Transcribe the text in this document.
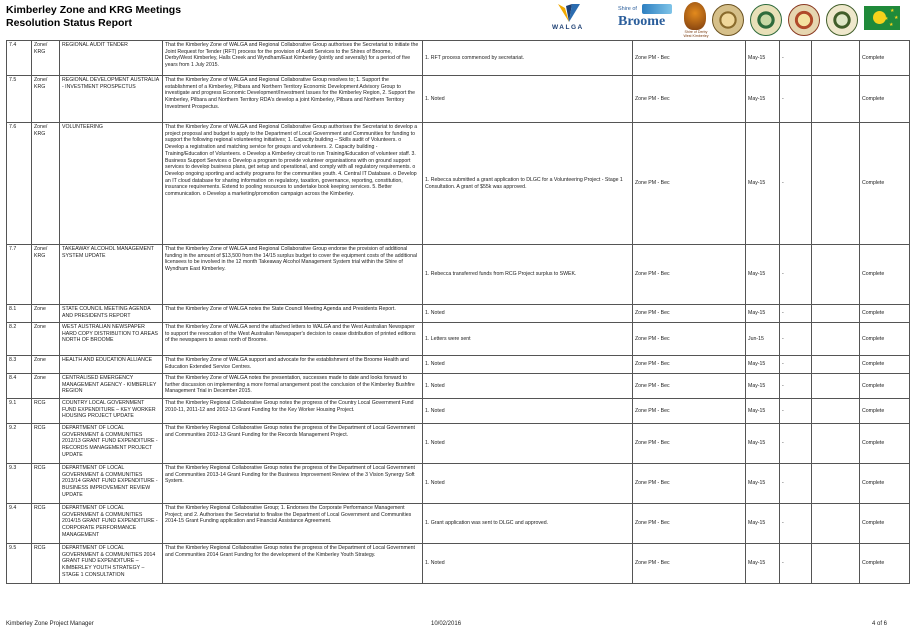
Kimberley Zone and KRG Meetings
Resolution Status Report	WALGA
Shire of
Broome
Shire of Derby West Kimberley
★
★
★
★
7.4	Zone/ KRG	REGIONAL AUDIT TENDER	That the Kimberley Zone of WALGA and Regional Collaborative Group authorises the Secretariat to initiate the Joint Request for Tender (RFT) process for the provision of Audit Services to the Shires of Broome, Derby/West Kimberley, Halls Creek and Wyndham/East Kimberley (jointly and severally) for a period of five years from 1 July 2015.	1. RFT process commenced by secretariat.	Zone PM - Bec	May-15	-		Complete
7.5	Zone/ KRG	REGIONAL DEVELOPMENT AUSTRALIA - INVESTMENT PROSPECTUS	That the Kimberley Zone of WALGA and Regional Collaborative Group resolves to; 1. Support the establishment of a Kimberley, Pilbara and Northern Territory Economic Development Advisory Group to investigate and progress Economic Development/Investment Issues for the Kimberley Region, 2. Support the Kimberley, Pilbara and Northern Territory RDA's develop a joint Kimberley, Pilbara and Northern Territory Investment Prospectus.	1. Noted	Zone PM - Bec	May-15	-		Complete
7.6	Zone/ KRG	VOLUNTEERING	That the Kimberley Zone of WALGA and Regional Collaborative Group authorises the Secretariat to develop a project proposal and budget to apply to the Department of Local Government and Communities for funding to support the following regional volunteering initiatives; 1. Capacity building – Skills audit of Volunteers. o Develop a registration and matching service for groups and volunteers. 2. Capacity building - Training/Education of Volunteers. o Develop a Kimberley circuit to run Training/Education of volunteer staff. 3. Business Support Services o Develop a program to provide volunteer organisations with on ground support services to develop business plans, get setup and operational, and comply with all regulatory requirements. o Develop ongoing sporting and activity programs for the communities youth. 4. Central IT Database. o Develop an IT cloud database for sharing information on regulatory, taxation, governance, reporting, constitution, insurance requirements. Extend to pooling resources to undertake book keeping services. 5. Better communication. o Develop a marketing/promotion campaign across the Kimberley.	1. Rebecca submitted a grant application to DLGC for a Volunteering Project - Stage 1 Consultation. A grant of $55k was approved.	Zone PM - Bec	May-15	-		Complete
7.7	Zone/ KRG	TAKEAWAY ALCOHOL MANAGEMENT SYSTEM UPDATE	That the Kimberley Zone of WALGA and Regional Collaborative Group endorse the provision of additional funding in the amount of $13,500 from the 14/15 surplus budget to cover the equipment costs of the additional licensees to be involved in the 12 month Takeaway Alcohol Management System trial within the Shire of Wyndham East Kimberley.	1. Rebecca transferred funds from RCG Project surplus to SWEK.	Zone PM - Bec	May-15	-		Complete
8.1	Zone	STATE COUNCIL MEETING AGENDA AND PRESIDENTS REPORT	That the Kimberley Zone of WALGA notes the State Council Meeting Agenda and Presidents Report.	1. Noted	Zone PM - Bec	May-15	-		Complete
8.2	Zone	WEST AUSTRALIAN NEWSPAPER HARD COPY DISTRIBUTION TO AREAS NORTH OF BROOME	That the Kimberley Zone of WALGA send the attached letters to WALGA and the West Australian Newspaper to support the revocation of the West Australian Newspaper's decision to cease distribution of printed editions of the newspapers to areas north of Broome.	1. Letters were sent	Zone PM - Bec	Jun-15	-		Complete
8.3	Zone	HEALTH AND EDUCATION ALLIANCE	That the Kimberley Zone of WALGA support and advocate for the establishment of the Broome Health and Education Extended Service Centres.	1. Noted	Zone PM - Bec	May-15	-		Complete
8.4	Zone	CENTRALISED EMERGENCY MANAGEMENT AGENCY - KIMBERLEY REGION	That the Kimberley Zone of WALGA notes the presentation, successes made to date and looks forward to further discussion on implementing a more formal arrangement post the conclusion of the Kimberley Bushfire Management Trial in December 2015.	1. Noted	Zone PM - Bec	May-15	-		Complete
9.1	RCG	COUNTRY LOCAL GOVERNMENT FUND EXPENDITURE – KEY WORKER HOUSING PROJECT UPDATE	That the Kimberley Regional Collaborative Group notes the progress of the Country Local Government Fund 2010-11, 2011-12 and 2012-13 Grant Funding for the Key Worker Housing Project.	1. Noted	Zone PM - Bec	May-15	-		Complete
9.2	RCG	DEPARTMENT OF LOCAL GOVERNMENT & COMMUNITIES 2012/13 GRANT FUND EXPENDITURE - RECORDS MANAGEMENT PROJECT UPDATE	That the Kimberley Regional Collaborative Group notes the progress of the Department of Local Government and Communities 2012-13 Grant Funding for the Records Management Project.	1. Noted	Zone PM - Bec	May-15	-		Complete
9.3	RCG	DEPARTMENT OF LOCAL GOVERNMENT & COMMUNITIES 2013/14 GRANT FUND EXPENDITURE - BUSINESS IMPROVEMENT REVIEW UPDATE	That the Kimberley Regional Collaborative Group notes the progress of the Department of Local Government and Communities 2013-14 Grant Funding for the Business Improvement Review of the 3 Vision Synergy Soft System.	1. Noted	Zone PM - Bec	May-15	-		Complete
9.4	RCG	DEPARTMENT OF LOCAL GOVERNMENT & COMMUNITIES 2014/15 GRANT FUND EXPENDITURE - CORPORATE PERFORMANCE MANAGEMENT	That the Kimberley Regional Collaborative Group; 1. Endorses the Corporate Performance Management Project; and 2. Authorises the Secretariat to finalise the Department of Local Government and Communities 2014-15 Grant Funding application and Financial Assistance Agreement.	1. Grant application was sent to DLGC and approved.	Zone PM - Bec	May-15	-		Complete
9.5	RCG	DEPARTMENT OF LOCAL GOVERNMENT & COMMUNITIES 2014 GRANT FUND EXPENDITURE – KIMBERLEY YOUTH STRATEGY – STAGE 1 CONSULTATION	That the Kimberley Regional Collaborative Group notes the progress of the Department of Local Government and Communities 2014 Grant Funding for the development of the Kimberley Youth Strategy.	1. Noted	Zone PM - Bec	May-15	-		Complete
Kimberley Zone Project Manager	10/02/2016	4 of 6
